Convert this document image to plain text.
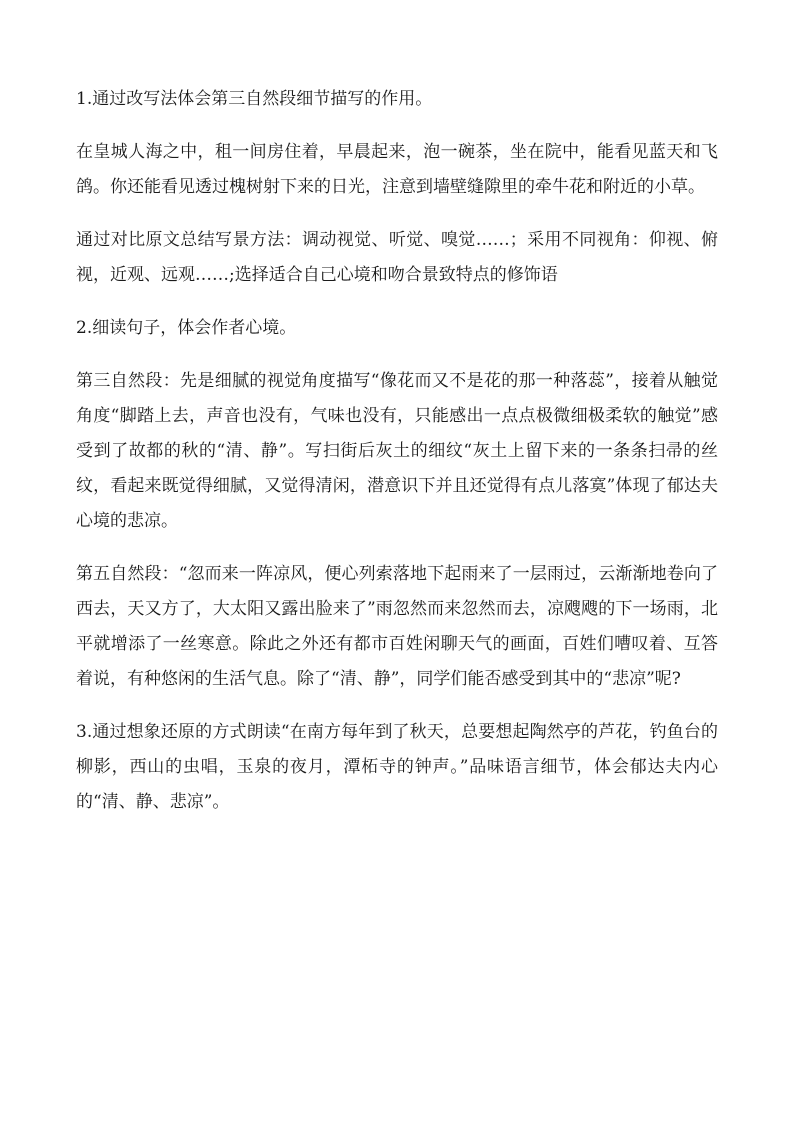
1.通过改写法体会第三自然段细节描写的作用。

在皇城人海之中，租一间房住着，早晨起来，泡一碗茶，坐在院中，能看见蓝天和飞鸽。你还能看见透过槐树射下来的日光，注意到墙壁缝隙里的牵牛花和附近的小草。

通过对比原文总结写景方法：调动视觉、听觉、嗅觉……；采用不同视角：仰视、俯视，近观、远观……;选择适合自己心境和吻合景致特点的修饰语

2.细读句子，体会作者心境。

第三自然段：先是细腻的视觉角度描写“像花而又不是花的那一种落蕊”，接着从触觉角度“脚踏上去，声音也没有，气味也没有，只能感出一点点极微细极柔软的触觉”感受到了故都的秋的“清、静”。写扫街后灰土的细纹“灰土上留下来的一条条扫帚的丝纹，看起来既觉得细腻，又觉得清闲，潜意识下并且还觉得有点儿落寞”体现了郁达夫心境的悲凉。

第五自然段：“忽而来一阵凉风，便心列索落地下起雨来了一层雨过，云渐渐地卷向了西去，天又方了，大太阳又露出脸来了”雨忽然而来忽然而去，凉飕飕的下一场雨，北平就增添了一丝寒意。除此之外还有都市百姓闲聊天气的画面，百姓们嘈叹着、互答着说，有种悠闲的生活气息。除了“清、静”，同学们能否感受到其中的“悲凉”呢?

3.通过想象还原的方式朗读“在南方每年到了秋天，总要想起陶然亭的芦花，钓鱼台的柳影，西山的虫唱，玉泉的夜月，潭柘寺的钟声。”品味语言细节，体会郁达夫内心的“清、静、悲凉”。
